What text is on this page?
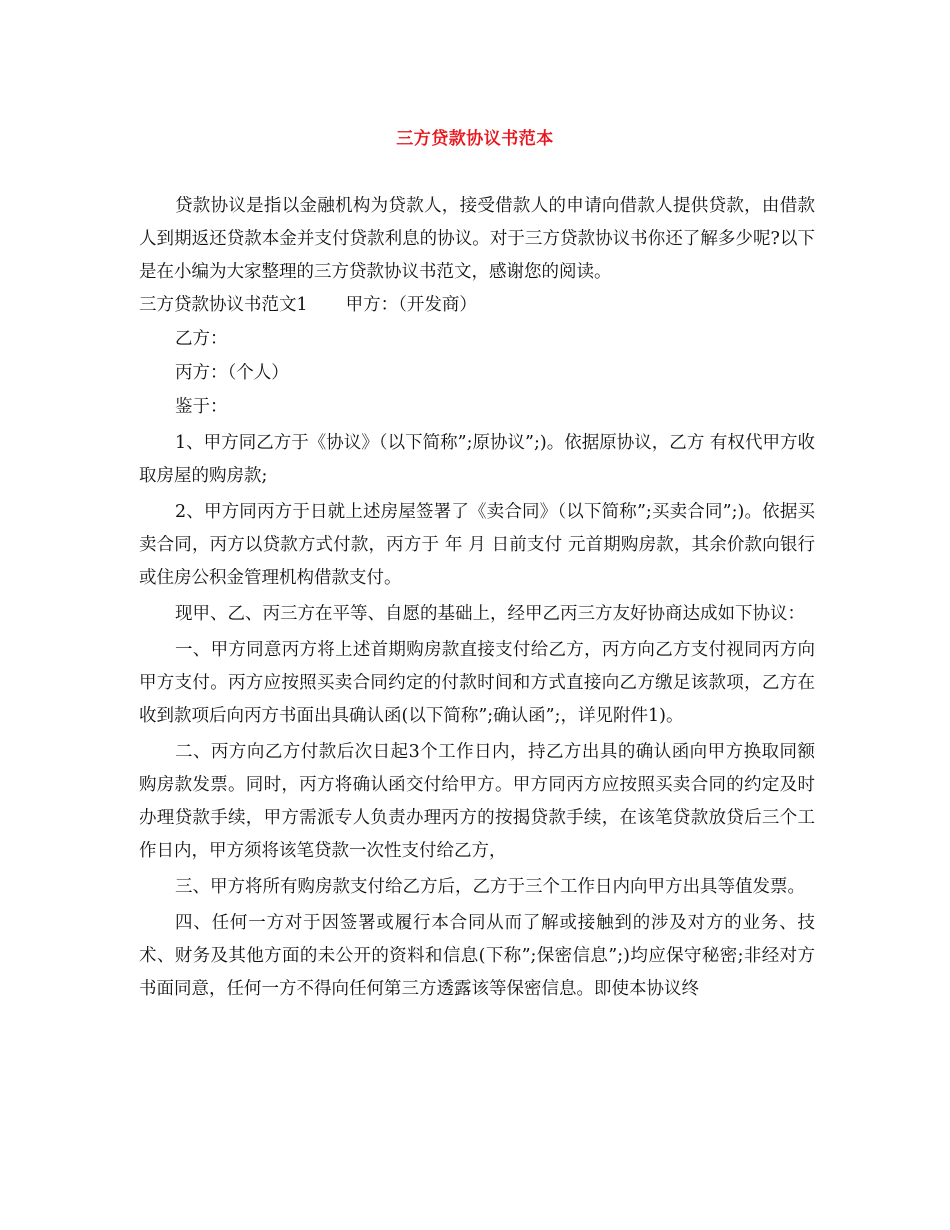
三方贷款协议书范本

贷款协议是指以金融机构为贷款人，接受借款人的申请向借款人提供贷款，由借款人到期返还贷款本金并支付贷款利息的协议。对于三方贷款协议书你还了解多少呢?以下是在小编为大家整理的三方贷款协议书范文，感谢您的阅读。

三方贷款协议书范文1 甲方：（开发商）

乙方：

丙方：（个人）

鉴于：

1、甲方同乙方于《协议》（以下简称”;原协议”;)。依据原协议，乙方 有权代甲方收取房屋的购房款;

2、甲方同丙方于日就上述房屋签署了《卖合同》（以下简称”;买卖合同”;)。依据买卖合同，丙方以贷款方式付款，丙方于 年 月 日前支付 元首期购房款，其余价款向银行或住房公积金管理机构借款支付。

现甲、乙、丙三方在平等、自愿的基础上，经甲乙丙三方友好协商达成如下协议：

一、甲方同意丙方将上述首期购房款直接支付给乙方，丙方向乙方支付视同丙方向甲方支付。丙方应按照买卖合同约定的付款时间和方式直接向乙方缴足该款项，乙方在收到款项后向丙方书面出具确认函(以下简称”;确认函”;，详见附件1)。

二、丙方向乙方付款后次日起3个工作日内，持乙方出具的确认函向甲方换取同额购房款发票。同时，丙方将确认函交付给甲方。甲方同丙方应按照买卖合同的约定及时办理贷款手续，甲方需派专人负责办理丙方的按揭贷款手续，在该笔贷款放贷后三个工作日内，甲方须将该笔贷款一次性支付给乙方，

三、甲方将所有购房款支付给乙方后，乙方于三个工作日内向甲方出具等值发票。

四、任何一方对于因签署或履行本合同从而了解或接触到的涉及对方的业务、技术、财务及其他方面的未公开的资料和信息(下称”;保密信息”;)均应保守秘密;非经对方书面同意，任何一方不得向任何第三方透露该等保密信息。即使本协议终
